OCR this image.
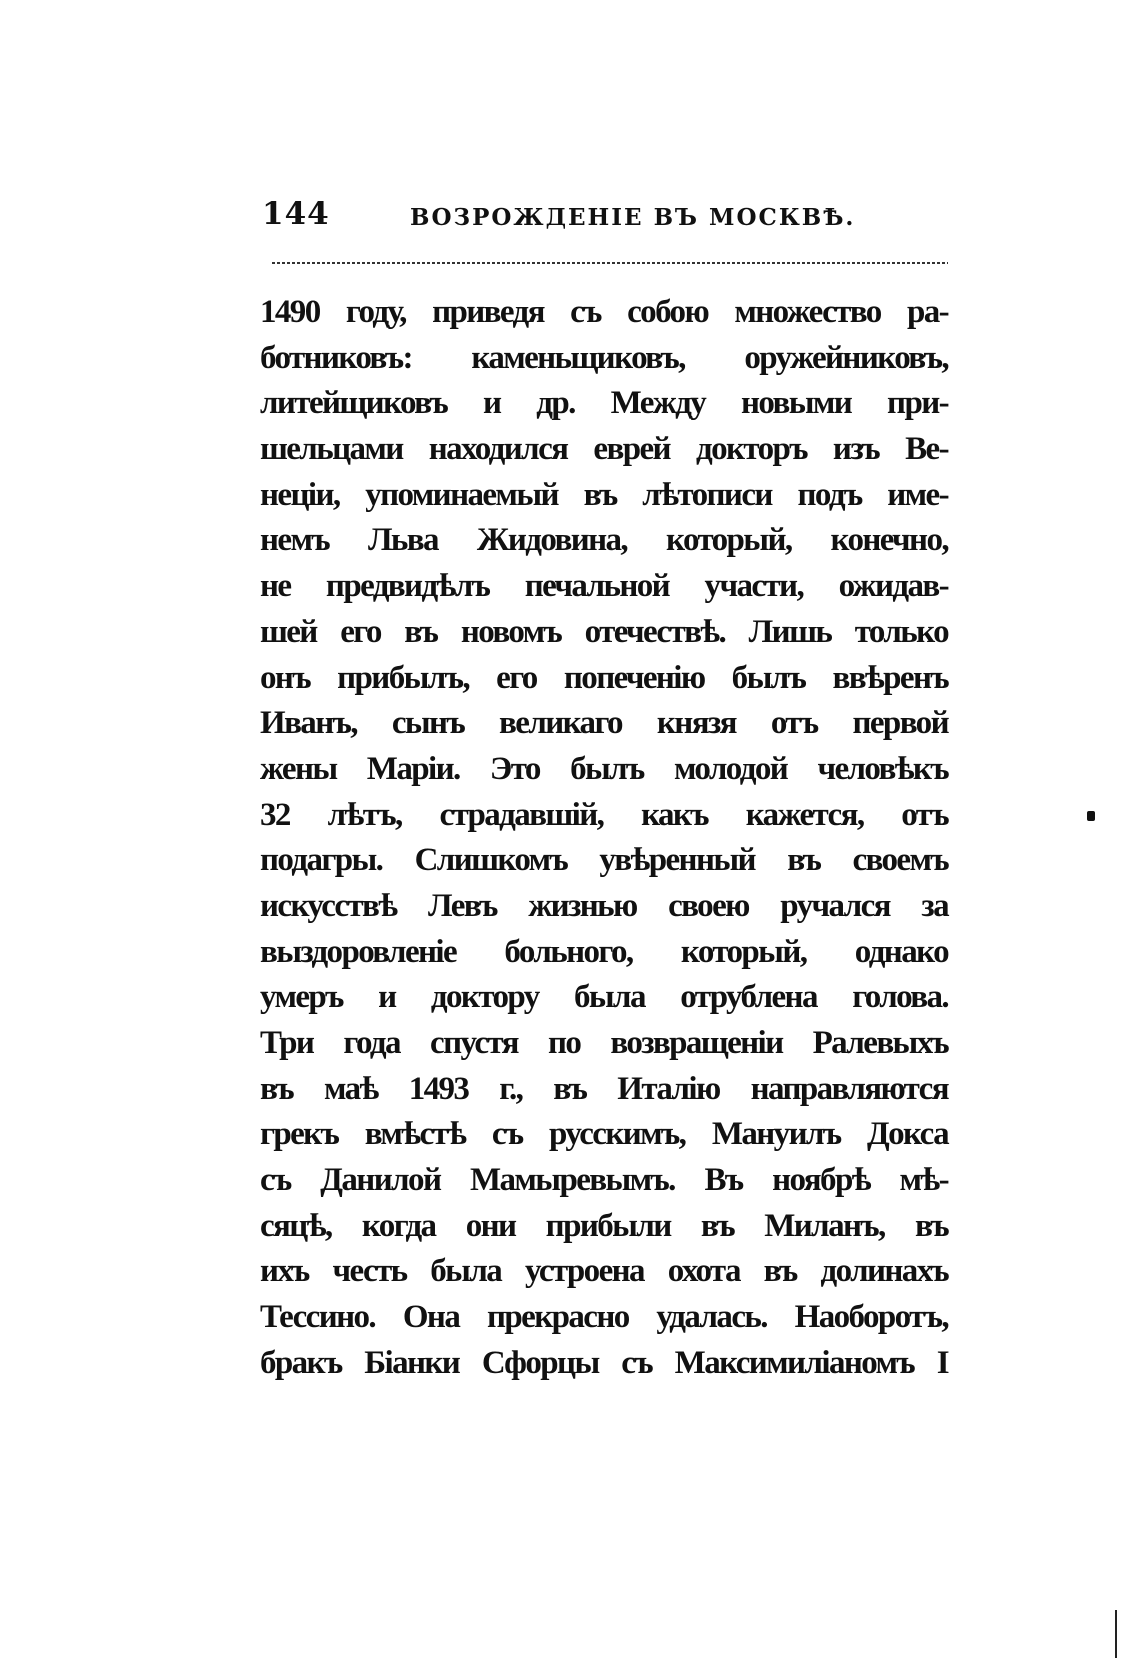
144	ВОЗРОЖДЕНІЕ ВЪ МОСКВѢ.
1490 году, приведя съ собою множество ра-
ботниковъ: каменьщиковъ, оружейниковъ,
литейщиковъ и др. Между новыми при-
шельцами находился еврей докторъ изъ Ве-
неціи, упоминаемый въ лѣтописи подъ име-
немъ Льва Жидовина, который, конечно,
не предвидѣлъ печальной участи, ожидав-
шей его въ новомъ отечествѣ. Лишь только
онъ прибылъ, его попеченію былъ ввѣренъ
Иванъ, сынъ великаго князя отъ первой
жены Маріи. Это былъ молодой человѣкъ
32 лѣтъ, страдавшій, какъ кажется, отъ
подагры. Слишкомъ увѣренный въ своемъ
искусствѣ Левъ жизнью своею ручался за
выздоровленіе больного, который, однако
умеръ и доктору была отрублена голова.
Три года спустя по возвращеніи Ралевыхъ
въ маѣ 1493 г., въ Италію направляются
грекъ вмѣстѣ съ русскимъ, Мануилъ Докса
съ Данилой Мамыревымъ. Въ ноябрѣ мѣ-
сяцѣ, когда они прибыли въ Миланъ, въ
ихъ честь была устроена охота въ долинахъ
Тессино. Она прекрасно удалась. Наоборотъ,
бракъ Біанки Сфорцы съ Максимиліаномъ I
